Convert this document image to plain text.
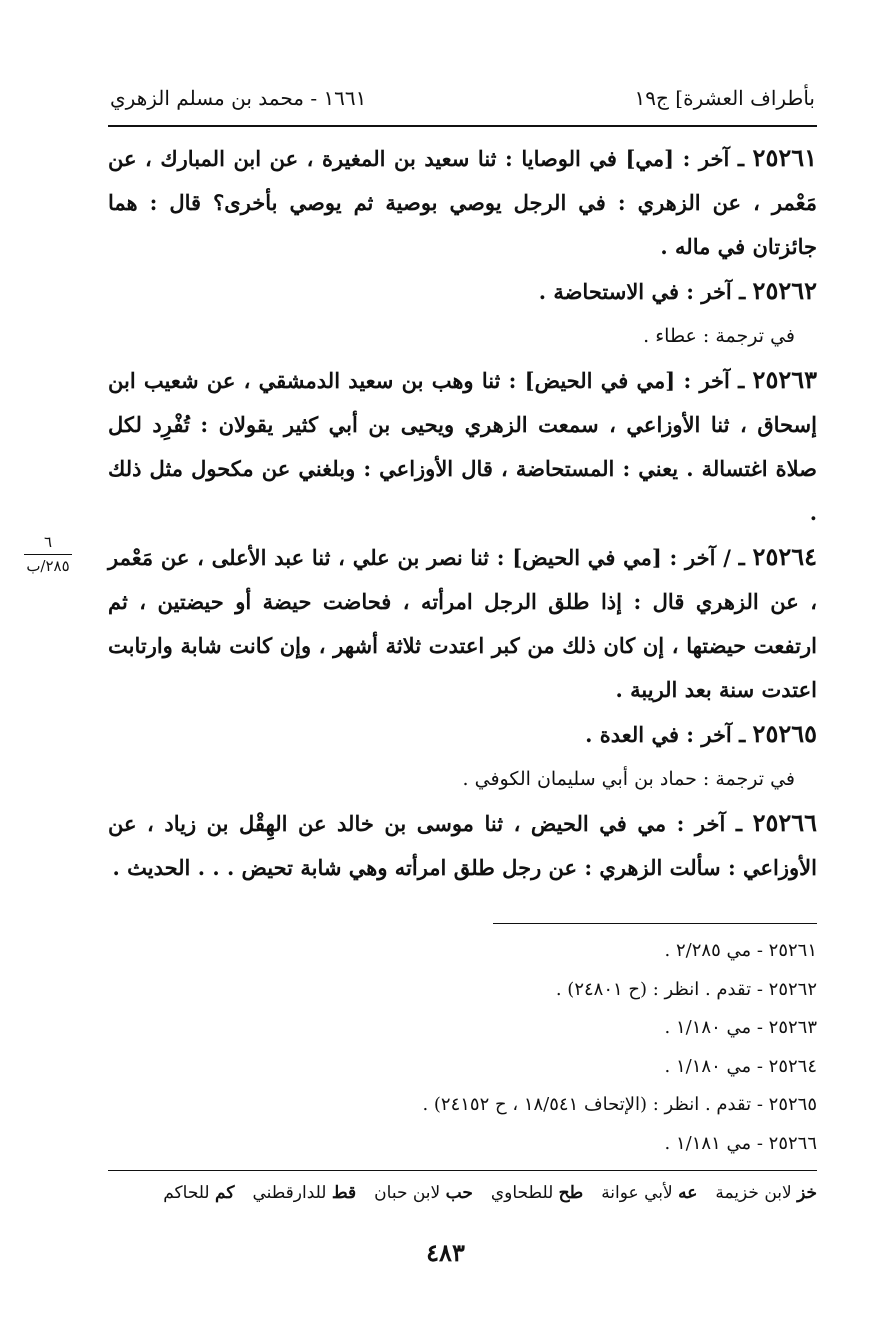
بأطراف العشرة] ج١٩
١٦٦١ - محمد بن مسلم الزهري

٢٥٢٦١ ـ آخر : [مي] في الوصايا : ثنا سعيد بن المغيرة ، عن ابن المبارك ، عن مَعْمر ، عن الزهري : في الرجل يوصي بوصية ثم يوصي بأخرى؟ قال : هما جائزتان في ماله .

٢٥٢٦٢ ـ آخر : في الاستحاضة .

في ترجمة : عطاء .

٢٥٢٦٣ ـ آخر : [مي في الحيض] : ثنا وهب بن سعيد الدمشقي ، عن شعيب ابن إسحاق ، ثنا الأوزاعي ، سمعت الزهري ويحيى بن أبي كثير يقولان : تُفْرِد لكل صلاة اغتسالة . يعني : المستحاضة ، قال الأوزاعي : وبلغني عن مكحول مثل ذلك .

٢٥٢٦٤ ـ / آخر : [مي في الحيض] : ثنا نصر بن علي ، ثنا عبد الأعلى ، عن مَعْمر ، عن الزهري قال : إذا طلق الرجل امرأته ، فحاضت حيضة أو حيضتين ، ثم ارتفعت حيضتها ، إن كان ذلك من كبر اعتدت ثلاثة أشهر ، وإن كانت شابة وارتابت اعتدت سنة بعد الريبة .

٢٥٢٦٥ ـ آخر : في العدة .

في ترجمة : حماد بن أبي سليمان الكوفي .

٢٥٢٦٦ ـ آخر : مي في الحيض ، ثنا موسى بن خالد عن الهِقْل بن زياد ، عن الأوزاعي : سألت الزهري : عن رجل طلق امرأته وهي شابة تحيض . . . الحديث .

٦
٢٨٥/ب

٢٥٢٦١ - مي ٢/٢٨٥ .

٢٥٢٦٢ - تقدم . انظر : (ح ٢٤٨٠١) .

٢٥٢٦٣ - مي ١/١٨٠ .

٢٥٢٦٤ - مي ١/١٨٠ .

٢٥٢٦٥ - تقدم . انظر : (الإتحاف ١٨/٥٤١ ، ح ٢٤١٥٢) .

٢٥٢٦٦ - مي ١/١٨١ .

خز لابن خزيمة
عه لأبي عوانة
طح للطحاوي
حب لابن حبان
قط للدارقطني
كم للحاكم
٤٨٣
